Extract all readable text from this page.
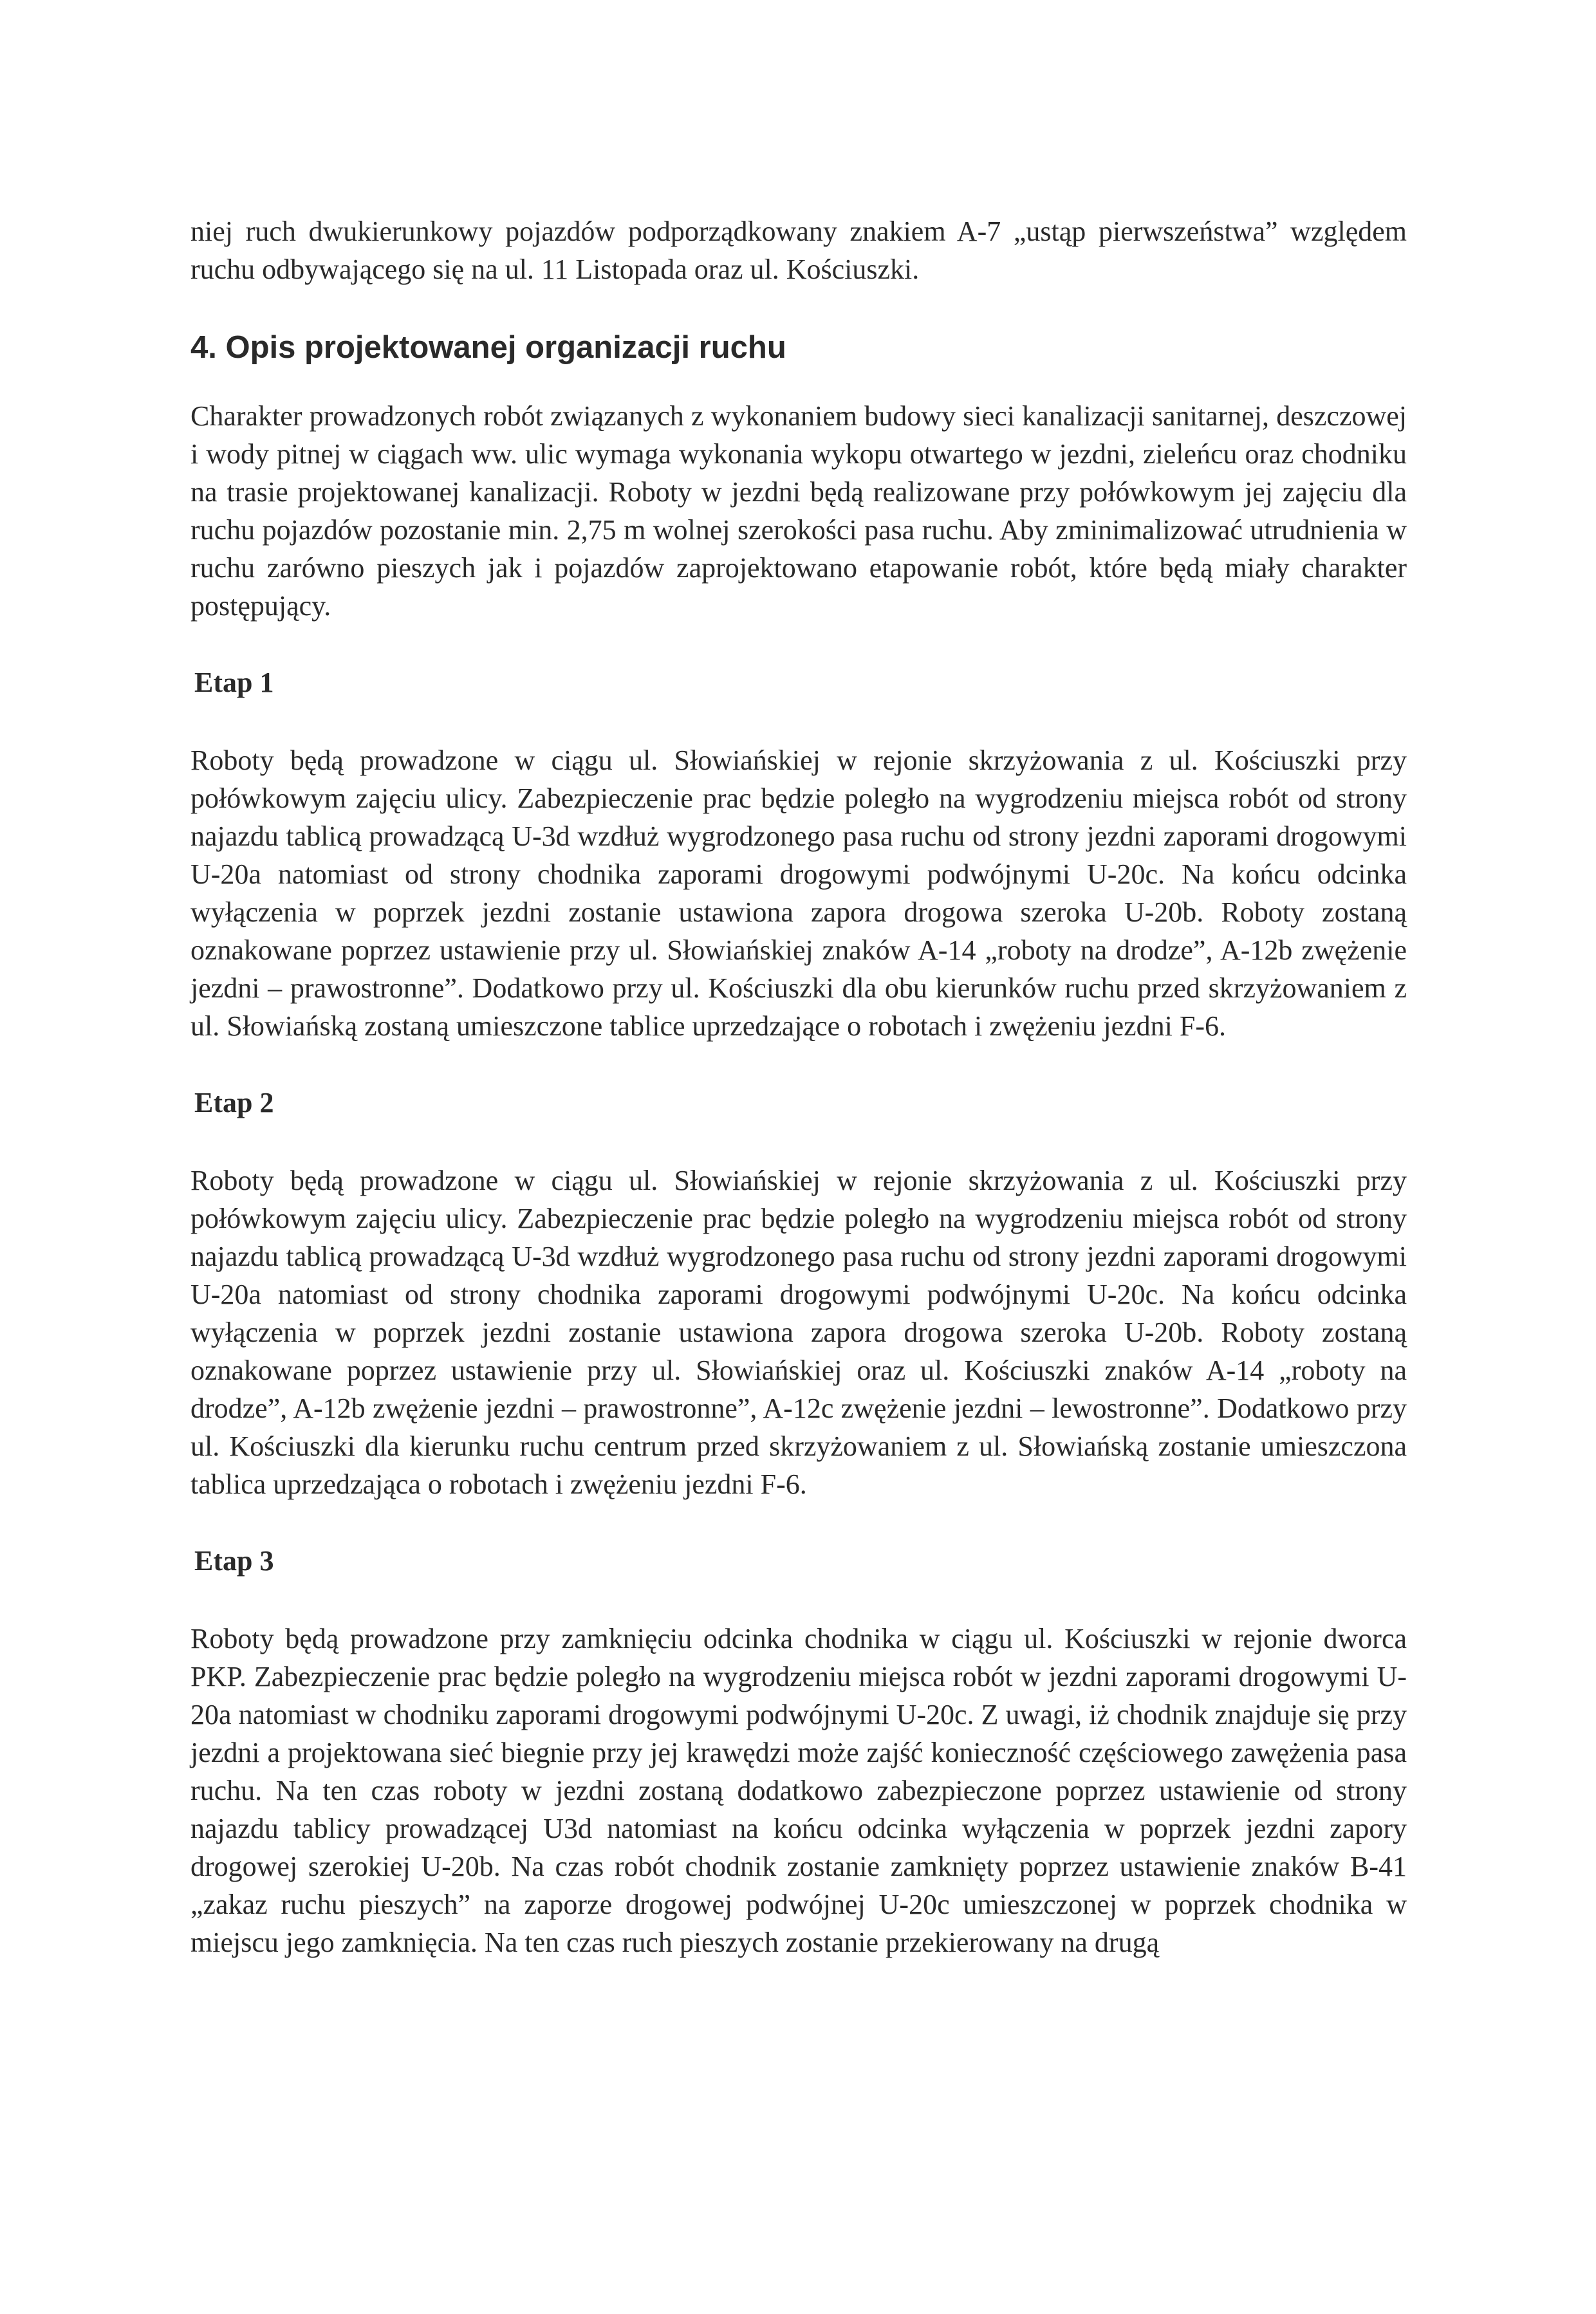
niej ruch dwukierunkowy pojazdów podporządkowany znakiem A-7 „ustąp pierwszeństwa” względem ruchu odbywającego się na ul. 11 Listopada oraz ul. Kościuszki.

4. Opis projektowanej organizacji ruchu

Charakter prowadzonych robót związanych z wykonaniem budowy sieci kanalizacji sanitarnej, deszczowej i wody pitnej w ciągach ww. ulic wymaga wykonania wykopu otwartego w jezdni, zieleńcu oraz chodniku na trasie projektowanej kanalizacji. Roboty w jezdni będą realizowane przy połówkowym jej zajęciu dla ruchu pojazdów pozostanie min. 2,75 m wolnej szerokości pasa ruchu. Aby zminimalizować utrudnienia w ruchu zarówno pieszych jak i pojazdów zaprojektowano etapowanie robót, które będą miały charakter postępujący.

Etap 1

Roboty będą prowadzone w ciągu ul. Słowiańskiej w rejonie skrzyżowania z ul. Kościuszki przy połówkowym zajęciu ulicy. Zabezpieczenie prac będzie poległo na wygrodzeniu miejsca robót od strony najazdu tablicą prowadzącą U-3d wzdłuż wygrodzonego pasa ruchu od strony jezdni zaporami drogowymi U-20a natomiast od strony chodnika zaporami drogowymi podwójnymi U-20c. Na końcu odcinka wyłączenia w poprzek jezdni zostanie ustawiona zapora drogowa szeroka U-20b. Roboty zostaną oznakowane poprzez ustawienie przy ul. Słowiańskiej znaków A-14 „roboty na drodze”, A-12b zwężenie jezdni – prawostronne”. Dodatkowo przy ul. Kościuszki dla obu kierunków ruchu przed skrzyżowaniem z ul. Słowiańską zostaną umieszczone tablice uprzedzające o robotach i zwężeniu jezdni F-6.

Etap 2

Roboty będą prowadzone w ciągu ul. Słowiańskiej w rejonie skrzyżowania z ul. Kościuszki przy połówkowym zajęciu ulicy. Zabezpieczenie prac będzie poległo na wygrodzeniu miejsca robót od strony najazdu tablicą prowadzącą U-3d wzdłuż wygrodzonego pasa ruchu od strony jezdni zaporami drogowymi U-20a natomiast od strony chodnika zaporami drogowymi podwójnymi U-20c. Na końcu odcinka wyłączenia w poprzek jezdni zostanie ustawiona zapora drogowa szeroka U-20b. Roboty zostaną oznakowane poprzez ustawienie przy ul. Słowiańskiej oraz ul. Kościuszki znaków A-14 „roboty na drodze”, A-12b zwężenie jezdni – prawostronne”, A-12c zwężenie jezdni – lewostronne”. Dodatkowo przy ul. Kościuszki dla kierunku ruchu centrum przed skrzyżowaniem z ul. Słowiańską zostanie umieszczona tablica uprzedzająca o robotach i zwężeniu jezdni F-6.

Etap 3

Roboty będą prowadzone przy zamknięciu odcinka chodnika w ciągu ul. Kościuszki w rejonie dworca PKP. Zabezpieczenie prac będzie poległo na wygrodzeniu miejsca robót w jezdni zaporami drogowymi U-20a natomiast w chodniku zaporami drogowymi podwójnymi U-20c. Z uwagi, iż chodnik znajduje się przy jezdni a projektowana sieć biegnie przy jej krawędzi może zajść konieczność częściowego zawężenia pasa ruchu. Na ten czas roboty w jezdni zostaną dodatkowo zabezpieczone poprzez ustawienie od strony najazdu tablicy prowadzącej U3d natomiast na końcu odcinka wyłączenia w poprzek jezdni zapory drogowej szerokiej U-20b. Na czas robót chodnik zostanie zamknięty poprzez ustawienie znaków B-41 „zakaz ruchu pieszych” na zaporze drogowej podwójnej U-20c umieszczonej w poprzek chodnika w miejscu jego zamknięcia. Na ten czas ruch pieszych zostanie przekierowany na drugą
